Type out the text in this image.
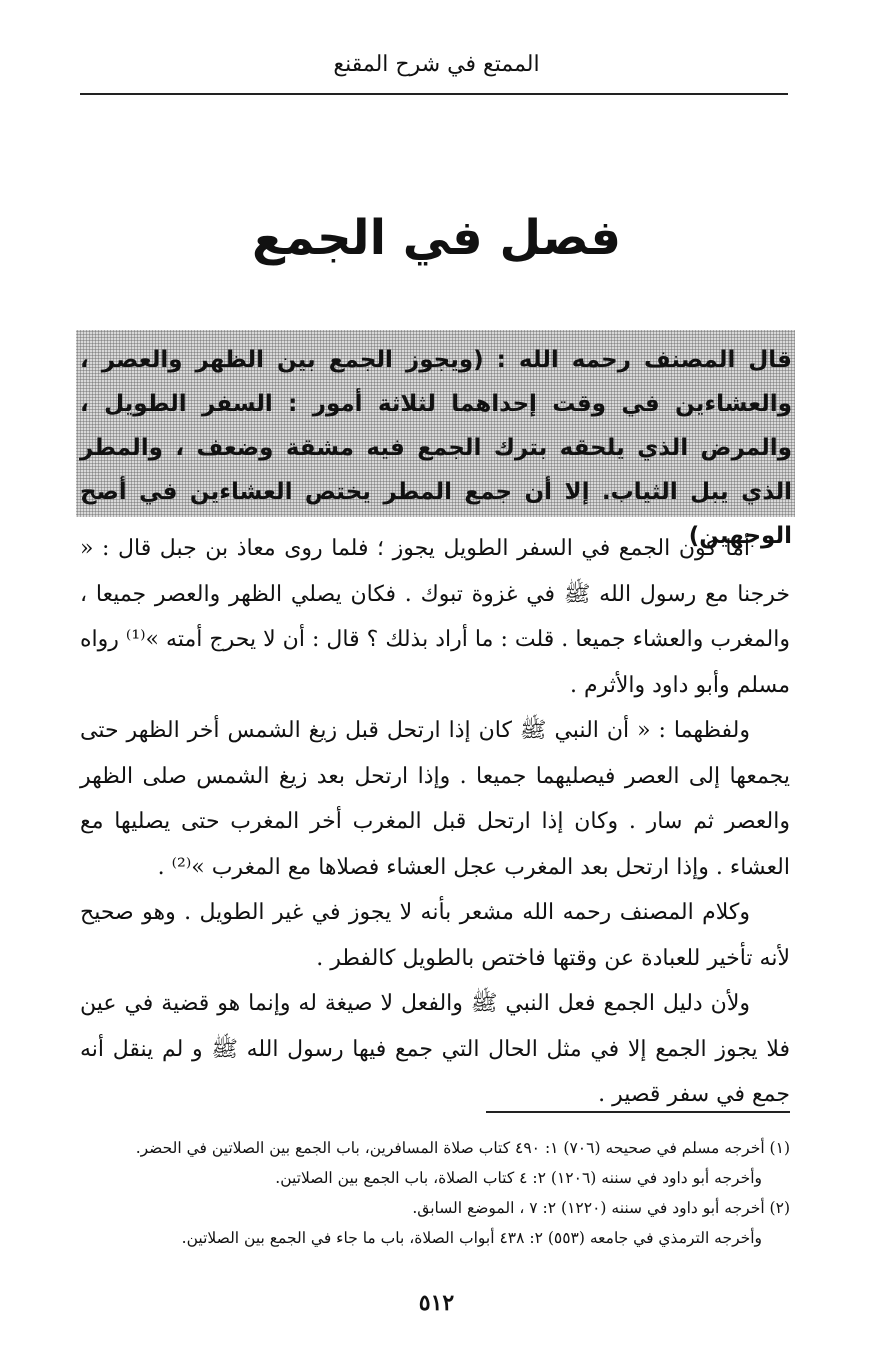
الممتع في شرح المقنع
فصل في الجمع
قال المصنف رحمه الله : (ويجوز الجمع بين الظهر والعصر ، والعشاءين في وقت إحداهما لثلاثة أمور : السفر الطويل ، والمرض الذي يلحقه بترك الجمع فيه مشقة وضعف ، والمطر الذي يبل الثياب. إلا أن جمع المطر يختص العشاءين في أصح الوجهين)

أما كون الجمع في السفر الطويل يجوز ؛ فلما روى معاذ بن جبل قال : « خرجنا مع رسول الله ﷺ في غزوة تبوك . فكان يصلي الظهر والعصر جميعا ، والمغرب والعشاء جميعا . قلت : ما أراد بذلك ؟ قال : أن لا يحرج أمته »⁽¹⁾ رواه مسلم وأبو داود والأثرم .

ولفظهما : « أن النبي ﷺ كان إذا ارتحل قبل زيغ الشمس أخر الظهر حتى يجمعها إلى العصر فيصليهما جميعا . وإذا ارتحل بعد زيغ الشمس صلى الظهر والعصر ثم سار . وكان إذا ارتحل قبل المغرب أخر المغرب حتى يصليها مع العشاء . وإذا ارتحل بعد المغرب عجل العشاء فصلاها مع المغرب »⁽²⁾ .

وكلام المصنف رحمه الله مشعر بأنه لا يجوز في غير الطويل . وهو صحيح لأنه تأخير للعبادة عن وقتها فاختص بالطويل كالفطر .

ولأن دليل الجمع فعل النبي ﷺ والفعل لا صيغة له وإنما هو قضية في عين فلا يجوز الجمع إلا في مثل الحال التي جمع فيها رسول الله ﷺ و لم ينقل أنه جمع في سفر قصير .

(١) أخرجه مسلم في صحيحه (٧٠٦) ١: ٤٩٠ كتاب صلاة المسافرين، باب الجمع بين الصلاتين في الحضر.

وأخرجه أبو داود في سننه (١٢٠٦) ٢: ٤ كتاب الصلاة، باب الجمع بين الصلاتين.

(٢) أخرجه أبو داود في سننه (١٢٢٠) ٢: ٧ ، الموضع السابق.

وأخرجه الترمذي في جامعه (٥٥٣) ٢: ٤٣٨ أبواب الصلاة، باب ما جاء في الجمع بين الصلاتين.

٥١٢
